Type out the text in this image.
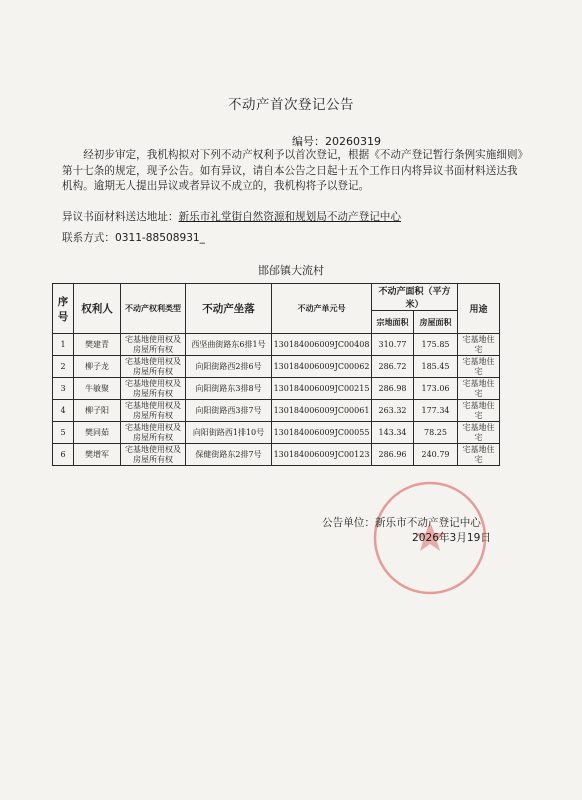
不动产首次登记公告
编号：20260319
经初步审定，我机构拟对下列不动产权利予以首次登记，根据《不动产登记暂行条例实施细则》第十七条的规定，现予公告。如有异议，请自本公告之日起十五个工作日内将异议书面材料送达我机构。逾期无人提出异议或者异议不成立的，我机构将予以登记。
异议书面材料送达地址：新乐市礼堂街自然资源和规划局不动产登记中心
联系方式：0311-88508931_
邯邰镇大流村
序号	权利人	不动产权利类型	不动产坐落	不动产单元号	不动产面积（平方米）		用途
					宗地面积	房屋面积	
1	樊建青	宅基地使用权及房屋所有权	西坚曲街路东6排1号	130184006009JC00408	310.77	175.85	宅基地住宅
2	柳子龙	宅基地使用权及房屋所有权	向阳街路西2排6号	130184006009JC00062	286.72	185.45	宅基地住宅
3	牛敏聚	宅基地使用权及房屋所有权	向阳街路东3排8号	130184006009JC00215	286.98	173.06	宅基地住宅
4	柳子阳	宅基地使用权及房屋所有权	向阳街路西3排7号	130184006009JC00061	263.32	177.34	宅基地住宅
5	樊同茹	宅基地使用权及房屋所有权	向阳街路西1排10号	130184006009JC00055	143.34	78.25	宅基地住宅
6	樊增军	宅基地使用权及房屋所有权	保健街路东2排7号	130184006009JC00123	286.96	240.79	宅基地住宅
公告单位：新乐市不动产登记中心
2026年3月19日
